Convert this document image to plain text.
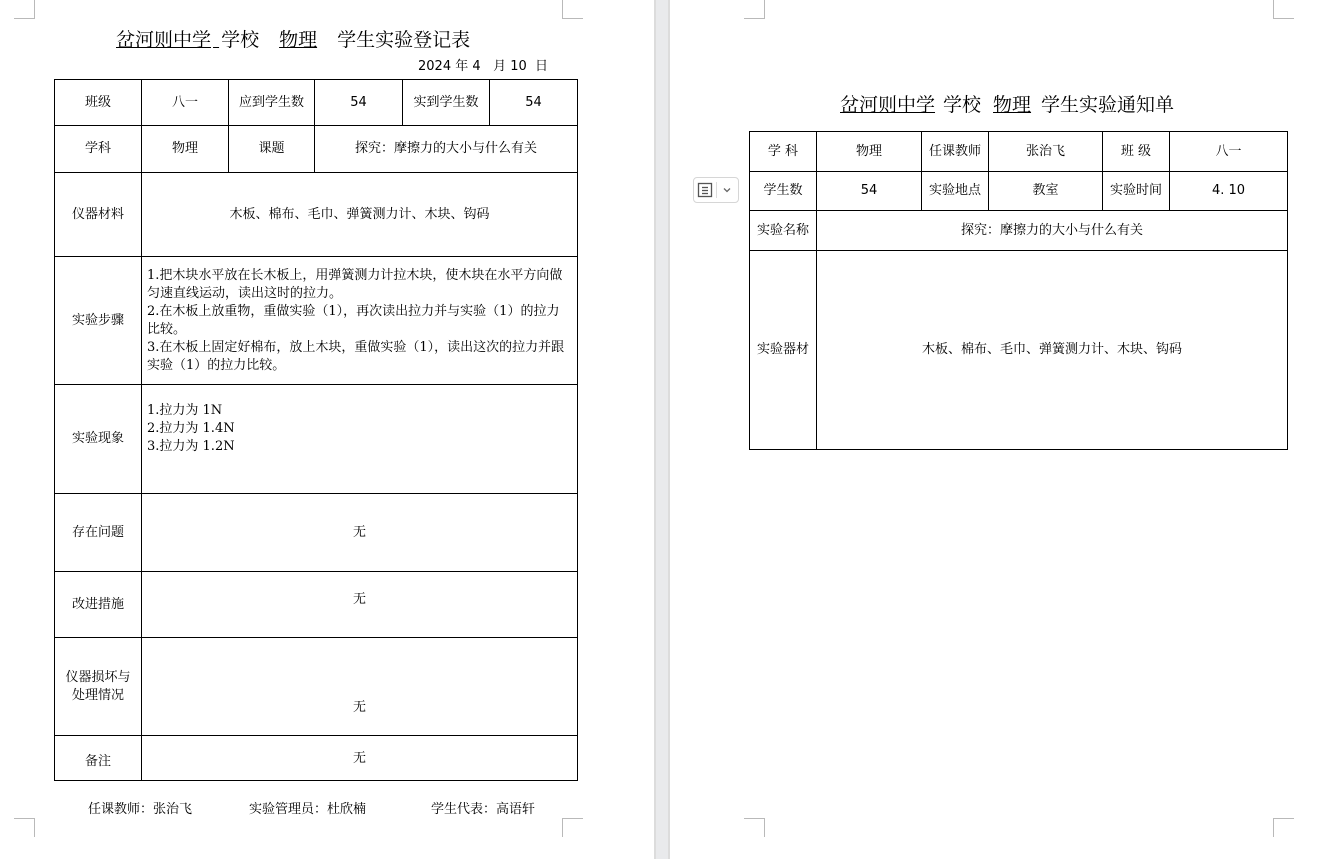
岔河则中学 学校 物理 学生实验登记表
2024 年 4 月 10 日
班级	八一	应到学生数	54	实到学生数	54
学科	物理	课题	探究：摩擦力的大小与什么有关		
仪器材料	木板、棉布、毛巾、弹簧测力计、木块、钩码				
实验步骤	1.把木块水平放在长木板上，用弹簧测力计拉木块，使木块在水平方向做匀速直线运动，读出这时的拉力。
2.在木板上放重物，重做实验（1），再次读出拉力并与实验（1）的拉力比较。
3.在木板上固定好棉布，放上木块，重做实验（1），读出这次的拉力并跟实验（1）的拉力比较。				

实验现象	1.拉力为 1N
2.拉力为 1.4N
3.拉力为 1.2N				

存在问题	无				
改进措施	无				

仪器损坏与
处理情况	无				
备注	无				
任课教师：张治飞	实验管理员：杜欣楠	学生代表：高语轩
岔河则中学 学校 物理 学生实验通知单
学 科	物理	任课教师	张治飞	班 级	八一
学生数	54	实验地点	教室	实验时间	4. 10
实验名称	探究：摩擦力的大小与什么有关				
实验器材	木板、棉布、毛巾、弹簧测力计、木块、钩码				
